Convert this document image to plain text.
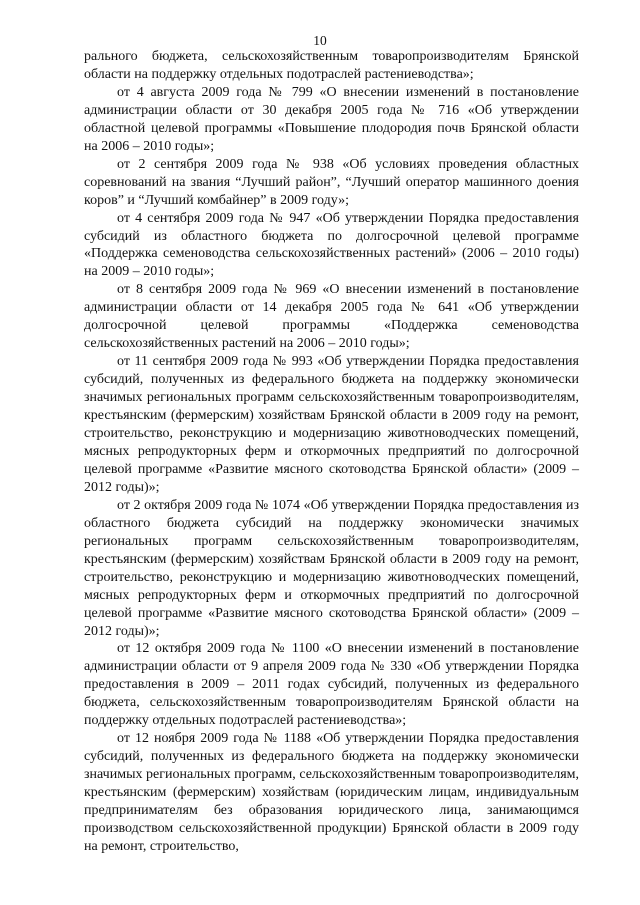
10

рального бюджета, сельскохозяйственным товаропроизводителям Брянской области на поддержку отдельных подотраслей растениеводства»;

от 4 августа 2009 года № 799 «О внесении изменений в постановление администрации области от 30 декабря 2005 года № 716 «Об утверждении областной целевой программы «Повышение плодородия почв Брянской области на 2006 – 2010 годы»;

от 2 сентября 2009 года № 938 «Об условиях проведения областных соревнований на звания “Лучший район”, “Лучший оператор машинного доения коров” и “Лучший комбайнер” в 2009 году»;

от 4 сентября 2009 года № 947 «Об утверждении Порядка предоставления субсидий из областного бюджета по долгосрочной целевой программе «Поддержка семеноводства сельскохозяйственных растений» (2006 – 2010 годы) на 2009 – 2010 годы»;

от 8 сентября 2009 года № 969 «О внесении изменений в постановление администрации области от 14 декабря 2005 года № 641 «Об утверждении долгосрочной целевой программы «Поддержка семеноводства сельскохозяйственных растений на 2006 – 2010 годы»;

от 11 сентября 2009 года № 993 «Об утверждении Порядка предоставления субсидий, полученных из федерального бюджета на поддержку экономически значимых региональных программ сельскохозяйственным товаропроизводителям, крестьянским (фермерским) хозяйствам Брянской области в 2009 году на ремонт, строительство, реконструкцию и модернизацию животноводческих помещений, мясных репродукторных ферм и откормочных предприятий по долгосрочной целевой программе «Развитие мясного скотоводства Брянской области» (2009 – 2012 годы)»;

от 2 октября 2009 года № 1074 «Об утверждении Порядка предоставления из областного бюджета субсидий на поддержку экономически значимых региональных программ сельскохозяйственным товаропроизводителям, крестьянским (фермерским) хозяйствам Брянской области в 2009 году на ремонт, строительство, реконструкцию и модернизацию животноводческих помещений, мясных репродукторных ферм и откормочных предприятий по долгосрочной целевой программе «Развитие мясного скотоводства Брянской области» (2009 – 2012 годы)»;

от 12 октября 2009 года № 1100 «О внесении изменений в постановление администрации области от 9 апреля 2009 года № 330 «Об утверждении Порядка предоставления в 2009 – 2011 годах субсидий, полученных из федерального бюджета, сельскохозяйственным товаропроизводителям Брянской области на поддержку отдельных подотраслей растениеводства»;

от 12 ноября 2009 года № 1188 «Об утверждении Порядка предоставления субсидий, полученных из федерального бюджета на поддержку экономически значимых региональных программ, сельскохозяйственным товаропроизводителям, крестьянским (фермерским) хозяйствам (юридическим лицам, индивидуальным предпринимателям без образования юридического лица, занимающимся производством сельскохозяйственной продукции) Брянской области в 2009 году на ремонт, строительство,
